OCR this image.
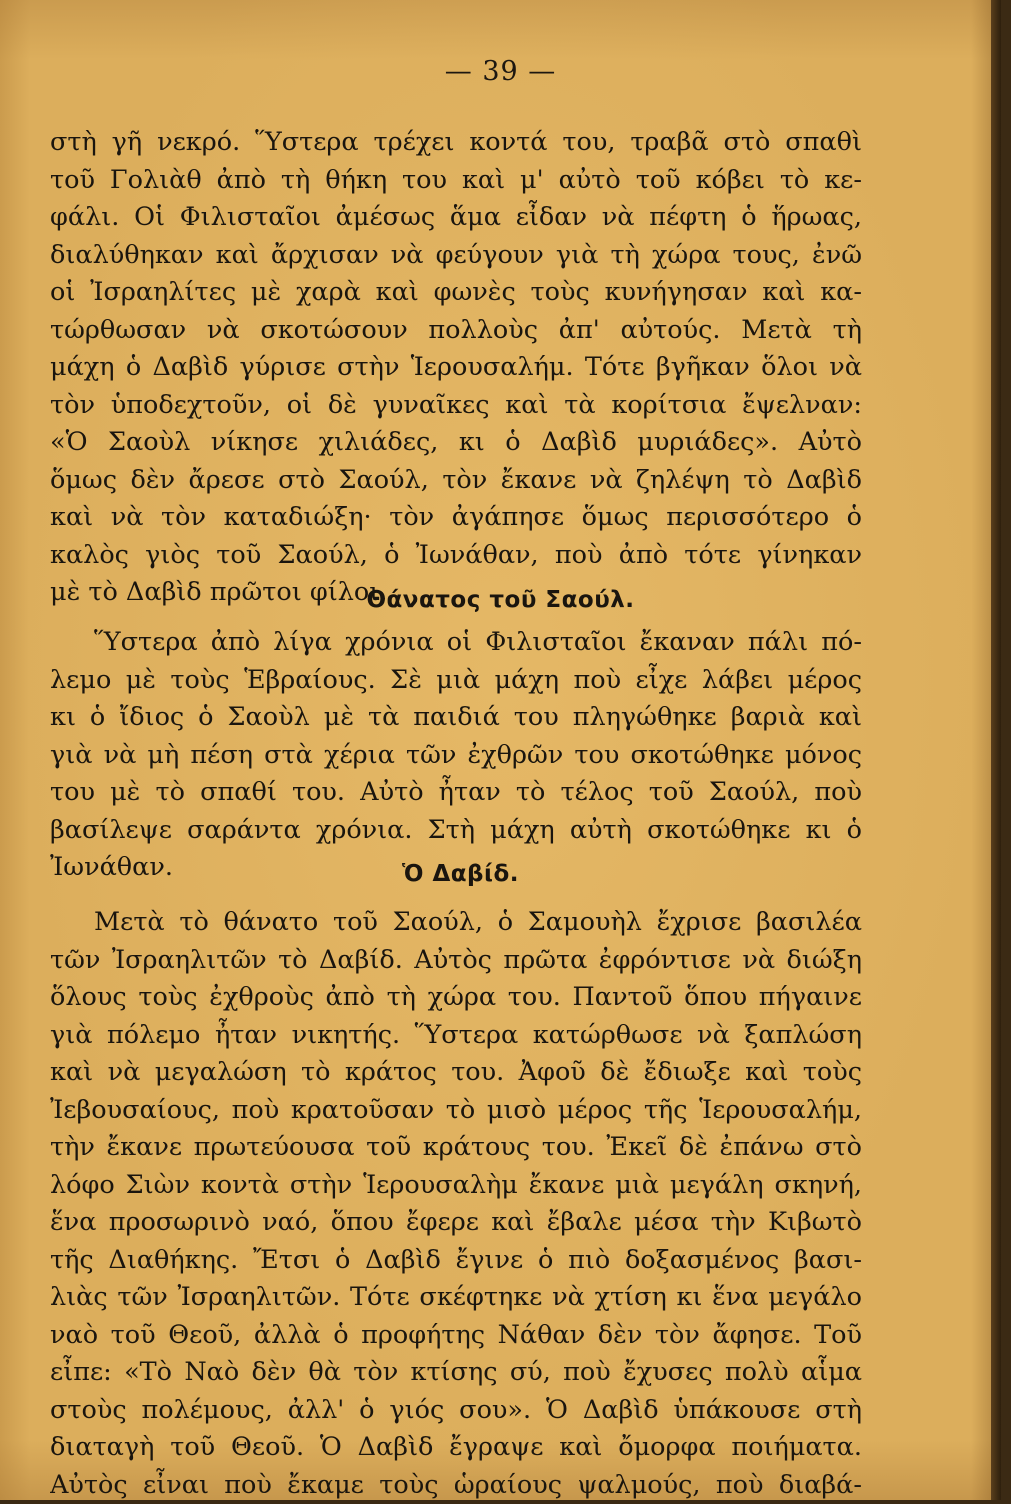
— 39 —
στὴ γῆ νεκρό. Ὕστερα τρέχει κοντά του, τραβᾶ στὸ σπαθὶ
τοῦ Γολιὰθ ἀπὸ τὴ θήκη του καὶ μ' αὐτὸ τοῦ κόβει τὸ κε-
φάλι. Οἱ Φιλισταῖοι ἀμέσως ἅμα εἶδαν νὰ πέφτη ὁ ἥρωας,
διαλύθηκαν καὶ ἄρχισαν νὰ φεύγουν γιὰ τὴ χώρα τους, ἐνῶ
οἱ Ἰσραηλίτες μὲ χαρὰ καὶ φωνὲς τοὺς κυνήγησαν καὶ κα-
τώρθωσαν νὰ σκοτώσουν πολλοὺς ἀπ' αὐτούς. Μετὰ τὴ
μάχη ὁ Δαβὶδ γύρισε στὴν Ἱερουσαλήμ. Τότε βγῆκαν ὅλοι νὰ
τὸν ὑποδεχτοῦν, οἱ δὲ γυναῖκες καὶ τὰ κορίτσια ἔψελναν:
«Ὁ Σαοὺλ νίκησε χιλιάδες, κι ὁ Δαβὶδ μυριάδες». Αὐτὸ
ὅμως δὲν ἄρεσε στὸ Σαούλ, τὸν ἔκανε νὰ ζηλέψη τὸ Δαβὶδ
καὶ νὰ τὸν καταδιώξη· τὸν ἀγάπησε ὅμως περισσότερο ὁ
καλὸς γιὸς τοῦ Σαούλ, ὁ Ἰωνάθαν, ποὺ ἀπὸ τότε γίνηκαν
μὲ τὸ Δαβὶδ πρῶτοι φίλοι.
Θάνατος τοῦ Σαούλ.
Ὕστερα ἀπὸ λίγα χρόνια οἱ Φιλισταῖοι ἔκαναν πάλι πό-
λεμο μὲ τοὺς Ἑβραίους. Σὲ μιὰ μάχη ποὺ εἶχε λάβει μέρος
κι ὁ ἴδιος ὁ Σαοὺλ μὲ τὰ παιδιά του πληγώθηκε βαριὰ καὶ
γιὰ νὰ μὴ πέση στὰ χέρια τῶν ἐχθρῶν του σκοτώθηκε μόνος
του μὲ τὸ σπαθί του. Αὐτὸ ἦταν τὸ τέλος τοῦ Σαούλ, ποὺ
βασίλεψε σαράντα χρόνια. Στὴ μάχη αὐτὴ σκοτώθηκε κι ὁ
Ἰωνάθαν.	Ὁ Δαβίδ.
Μετὰ τὸ θάνατο τοῦ Σαούλ, ὁ Σαμουὴλ ἔχρισε βασιλέα
τῶν Ἰσραηλιτῶν τὸ Δαβίδ. Αὐτὸς πρῶτα ἐφρόντισε νὰ διώξη
ὅλους τοὺς ἐχθροὺς ἀπὸ τὴ χώρα του. Παντοῦ ὅπου πήγαινε
γιὰ πόλεμο ἦταν νικητής. Ὕστερα κατώρθωσε νὰ ξαπλώση
καὶ νὰ μεγαλώση τὸ κράτος του. Ἀφοῦ δὲ ἔδιωξε καὶ τοὺς
Ἰεβουσαίους, ποὺ κρατοῦσαν τὸ μισὸ μέρος τῆς Ἱερουσαλήμ,
τὴν ἔκανε πρωτεύουσα τοῦ κράτους του. Ἐκεῖ δὲ ἐπάνω στὸ
λόφο Σιὼν κοντὰ στὴν Ἱερουσαλὴμ ἔκανε μιὰ μεγάλη σκηνή,
ἕνα προσωρινὸ ναό, ὅπου ἔφερε καὶ ἔβαλε μέσα τὴν Κιβωτὸ
τῆς Διαθήκης. Ἔτσι ὁ Δαβὶδ ἔγινε ὁ πιὸ δοξασμένος βασι-
λιὰς τῶν Ἰσραηλιτῶν. Τότε σκέφτηκε νὰ χτίση κι ἕνα μεγάλο
ναὸ τοῦ Θεοῦ, ἀλλὰ ὁ προφήτης Νάθαν δὲν τὸν ἄφησε. Τοῦ
εἶπε: «Τὸ Ναὸ δὲν θὰ τὸν κτίσης σύ, ποὺ ἔχυσες πολὺ αἷμα
στοὺς πολέμους, ἀλλ' ὁ γιός σου». Ὁ Δαβὶδ ὑπάκουσε στὴ
διαταγὴ τοῦ Θεοῦ. Ὁ Δαβὶδ ἔγραψε καὶ ὄμορφα ποιήματα.
Αὐτὸς εἶναι ποὺ ἔκαμε τοὺς ὡραίους ψαλμούς, ποὺ διαβά-
